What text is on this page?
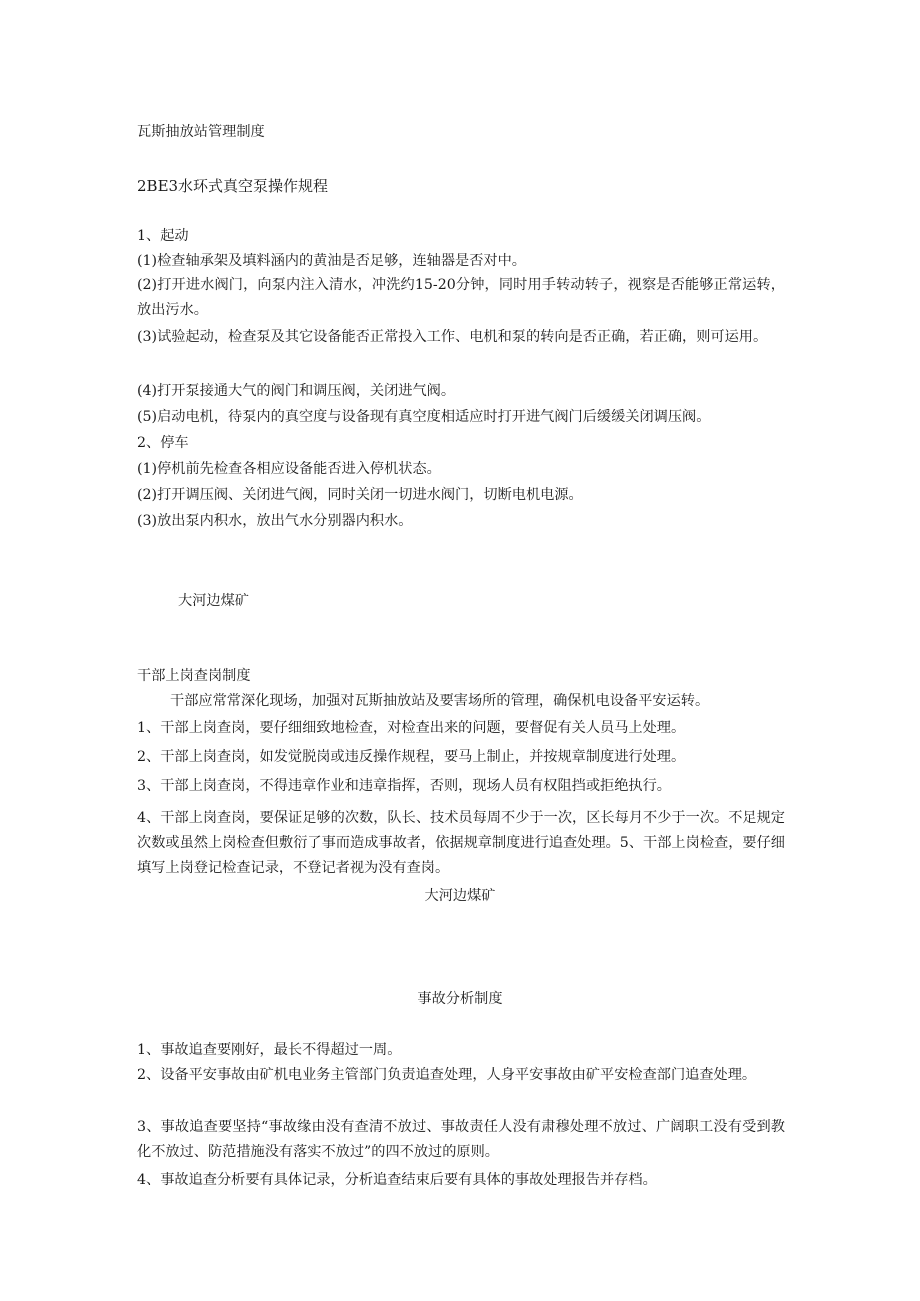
瓦斯抽放站管理制度

2BE3水环式真空泵操作规程

1、起动

(1)检查轴承架及填料涵内的黄油是否足够，连轴器是否对中。

(2)打开进水阀门，向泵内注入清水，冲洗约15-20分钟，同时用手转动转子，视察是否能够正常运转，放出污水。

(3)试验起动，检查泵及其它设备能否正常投入工作、电机和泵的转向是否正确，若正确，则可运用。

(4)打开泵接通大气的阀门和调压阀，关闭进气阀。

(5)启动电机，待泵内的真空度与设备现有真空度相适应时打开进气阀门后缓缓关闭调压阀。

2、停车

(1)停机前先检查各相应设备能否进入停机状态。

(2)打开调压阀、关闭进气阀，同时关闭一切进水阀门，切断电机电源。

(3)放出泵内积水，放出气水分别器内积水。

大河边煤矿

干部上岗查岗制度

干部应常常深化现场，加强对瓦斯抽放站及要害场所的管理，确保机电设备平安运转。

1、干部上岗查岗，要仔细细致地检查，对检查出来的问题，要督促有关人员马上处理。

2、干部上岗查岗，如发觉脱岗或违反操作规程，要马上制止，并按规章制度进行处理。

3、干部上岗查岗，不得违章作业和违章指挥，否则，现场人员有权阻挡或拒绝执行。

4、干部上岗查岗，要保证足够的次数，队长、技术员每周不少于一次，区长每月不少于一次。不足规定次数或虽然上岗检查但敷衍了事而造成事故者，依据规章制度进行追查处理。5、干部上岗检查，要仔细填写上岗登记检查记录，不登记者视为没有查岗。

大河边煤矿

事故分析制度

1、事故追查要刚好，最长不得超过一周。

2、设备平安事故由矿机电业务主管部门负责追查处理，人身平安事故由矿平安检查部门追查处理。

3、事故追查要坚持“事故缘由没有查清不放过、事故责任人没有肃穆处理不放过、广阔职工没有受到教化不放过、防范措施没有落实不放过”的四不放过的原则。

4、事故追查分析要有具体记录，分析追查结束后要有具体的事故处理报告并存档。
